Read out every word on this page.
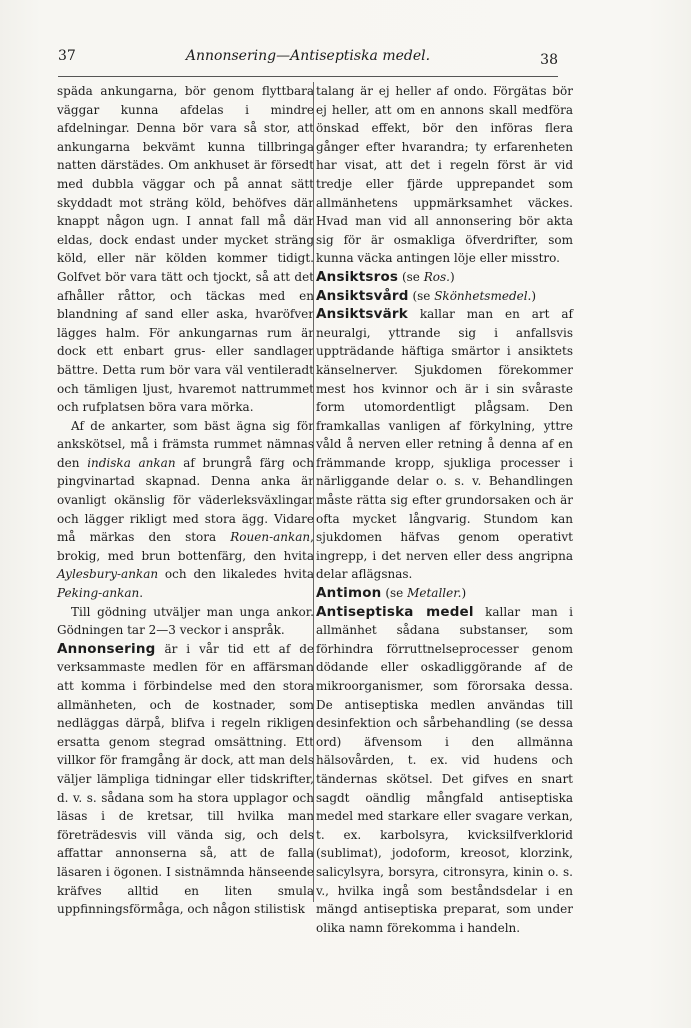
37	Annonsering—Antiseptiska medel.	38

späda ankungarna, bör genom flyttbara väggar kunna afdelas i mindre afdelningar. Denna bör vara så stor, att ankungarna bekvämt kunna tillbringa natten därstädes. Om ankhuset är försedt med dubbla väggar och på annat sätt skyddadt mot sträng köld, behöfves där knappt någon ugn. I annat fall må där eldas, dock endast under mycket sträng köld, eller när kölden kommer tidigt. Golfvet bör vara tätt och tjockt, så att det afhåller råttor, och täckas med en blandning af sand eller aska, hvaröfver lägges halm. För ankungarnas rum är dock ett enbart grus- eller sandlager bättre. Detta rum bör vara väl ventileradt och tämligen ljust, hvaremot nattrummet och rufplatsen böra vara mörka.

Af de ankarter, som bäst ägna sig för ankskötsel, må i främsta rummet nämnas den indiska ankan af brungrå färg och pingvinartad skapnad. Denna anka är ovanligt okänslig för väderleksväxlingar och lägger rikligt med stora ägg. Vidare må märkas den stora Rouen-ankan, brokig, med brun bottenfärg, den hvita Aylesbury-ankan och den likaledes hvita Peking-ankan.

Till gödning utväljer man unga ankor. Gödningen tar 2—3 veckor i anspråk.

Annonsering är i vår tid ett af de verksammaste medlen för en affärsman att komma i förbindelse med den stora allmänheten, och de kostnader, som nedläggas därpå, blifva i regeln rikligen ersatta genom stegrad omsättning. Ett villkor för framgång är dock, att man dels väljer lämpliga tidningar eller tidskrifter, d. v. s. sådana som ha stora upplagor och läsas i de kretsar, till hvilka man företrädesvis vill vända sig, och dels affattar annonserna så, att de falla läsaren i ögonen. I sistnämnda hänseende kräfves alltid en liten smula uppfinningsförmåga, och någon stilistisk

talang är ej heller af ondo. Förgätas bör ej heller, att om en annons skall medföra önskad effekt, bör den införas flera gånger efter hvarandra; ty erfarenheten har visat, att det i regeln först är vid tredje eller fjärde upprepandet som allmänhetens uppmärksamhet väckes. Hvad man vid all annonsering bör akta sig för är osmakliga öfverdrifter, som kunna väcka antingen löje eller misstro.

Ansiktsros (se Ros.)

Ansiktsvård (se Skönhetsmedel.)

Ansiktsvärk kallar man en art af neuralgi, yttrande sig i anfallsvis uppträdande häftiga smärtor i ansiktets känselnerver. Sjukdomen förekommer mest hos kvinnor och är i sin svåraste form utomordentligt plågsam. Den framkallas vanligen af förkylning, yttre våld å nerven eller retning å denna af en främmande kropp, sjukliga processer i närliggande delar o. s. v. Behandlingen måste rätta sig efter grundorsaken och är ofta mycket långvarig. Stundom kan sjukdomen häfvas genom operativt ingrepp, i det nerven eller dess angripna delar aflägsnas.

Antimon (se Metaller.)

Antiseptiska medel kallar man i allmänhet sådana substanser, som förhindra förruttnelseprocesser genom dödande eller oskadliggörande af de mikroorganismer, som förorsaka dessa. De antiseptiska medlen användas till desinfektion och sårbehandling (se dessa ord) äfvensom i den allmänna hälsovården, t. ex. vid hudens och tändernas skötsel. Det gifves en snart sagdt oändlig mångfald antiseptiska medel med starkare eller svagare verkan, t. ex. karbolsyra, kvicksilfverklorid (sublimat), jodoform, kreosot, klorzink, salicylsyra, borsyra, citronsyra, kinin o. s. v., hvilka ingå som beståndsdelar i en mängd antiseptiska preparat, som under olika namn förekomma i handeln.
